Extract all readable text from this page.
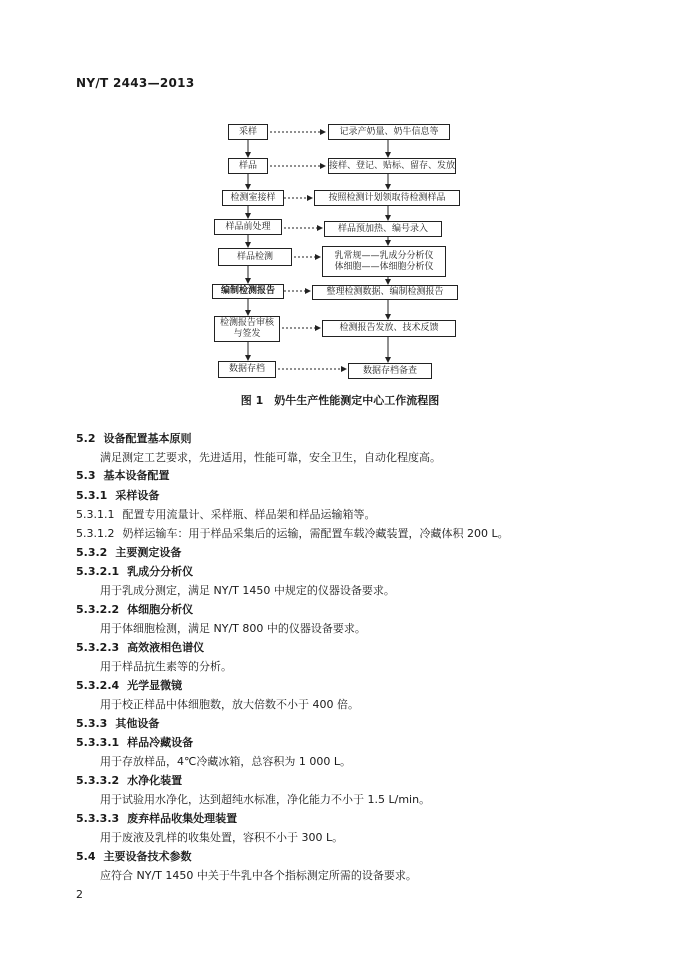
NY/T 2443—2013
采样
样品
检测室接样
样品前处理
样品检测
编制检测报告
检测报告审核
与签发
数据存档
记录产奶量、奶牛信息等
接样、登记、贴标、留存、发放
按照检测计划领取待检测样品
样品预加热、编号录入
乳常规——乳成分分析仪
体细胞——体细胞分析仪
整理检测数据、编制检测报告
检测报告发放、技术反馈
数据存档备查
图 1　奶牛生产性能测定中心工作流程图
5.2 设备配置基本原则
满足测定工艺要求，先进适用，性能可靠，安全卫生，自动化程度高。
5.3 基本设备配置
5.3.1 采样设备
5.3.1.1 配置专用流量计、采样瓶、样品架和样品运输箱等。
5.3.1.2 奶样运输车：用于样品采集后的运输，需配置车载冷藏装置，冷藏体积 200 L。
5.3.2 主要测定设备
5.3.2.1 乳成分分析仪
用于乳成分测定，满足 NY/T 1450 中规定的仪器设备要求。
5.3.2.2 体细胞分析仪
用于体细胞检测，满足 NY/T 800 中的仪器设备要求。
5.3.2.3 高效液相色谱仪
用于样品抗生素等的分析。
5.3.2.4 光学显微镜
用于校正样品中体细胞数，放大倍数不小于 400 倍。
5.3.3 其他设备
5.3.3.1 样品冷藏设备
用于存放样品，4℃冷藏冰箱，总容积为 1 000 L。
5.3.3.2 水净化装置
用于试验用水净化，达到超纯水标准，净化能力不小于 1.5 L/min。
5.3.3.3 废弃样品收集处理装置
用于废液及乳样的收集处置，容积不小于 300 L。
5.4 主要设备技术参数
应符合 NY/T 1450 中关于牛乳中各个指标测定所需的设备要求。
2
